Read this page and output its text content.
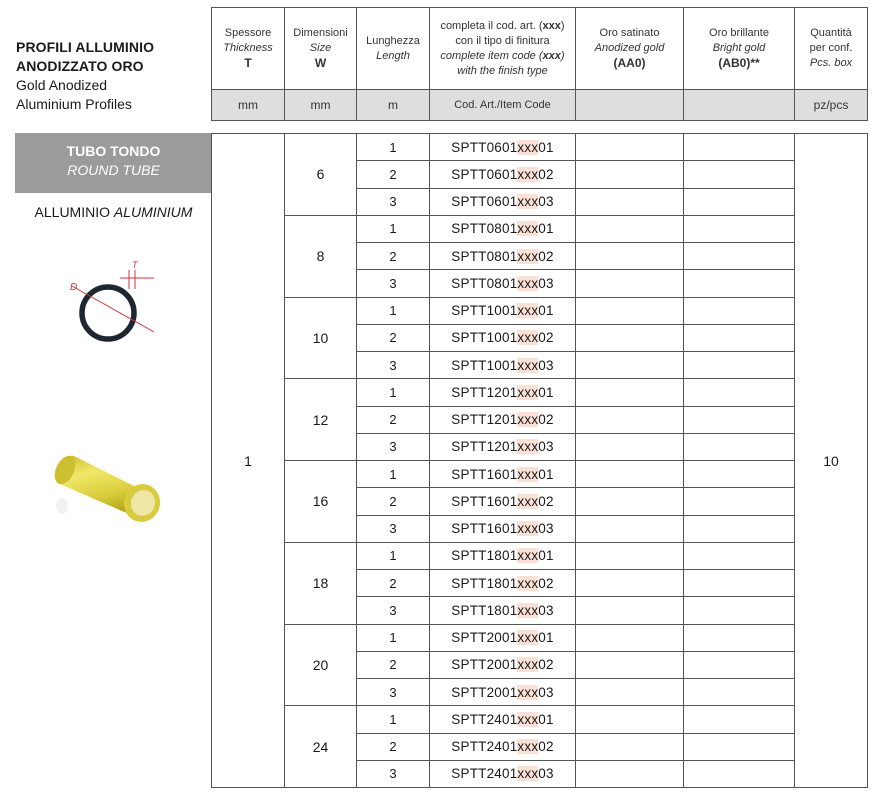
PROFILI ALLUMINIO
ANODIZZATO ORO
Gold Anodized
Aluminium Profiles
TUBO TONDO
ROUND TUBE
ALLUMINIO ALUMINIUM
D
T
Spessore
Thickness
T	Dimensioni
Size
W	Lunghezza
Length	completa il cod. art. (xxx)
con il tipo di finitura
complete item code (xxx)
with the finish type	Oro satinato
Anodized gold
(AA0)	Oro brillante
Bright gold
(AB0)**	Quantità
per conf.
Pcs. box

mm	mm	m	Cod. Art./Item Code			pz/pcs
1	6	1	SPTT0601xxx01			10
		2	SPTT0601xxx02			
		3	SPTT0601xxx03			
	8	1	SPTT0801xxx01			
		2	SPTT0801xxx02			
		3	SPTT0801xxx03			
	10	1	SPTT1001xxx01			
		2	SPTT1001xxx02			
		3	SPTT1001xxx03			
	12	1	SPTT1201xxx01			
		2	SPTT1201xxx02			
		3	SPTT1201xxx03			
	16	1	SPTT1601xxx01			
		2	SPTT1601xxx02			
		3	SPTT1601xxx03			
	18	1	SPTT1801xxx01			
		2	SPTT1801xxx02			
		3	SPTT1801xxx03			
	20	1	SPTT2001xxx01			
		2	SPTT2001xxx02			
		3	SPTT2001xxx03			
	24	1	SPTT2401xxx01			
		2	SPTT2401xxx02			
		3	SPTT2401xxx03			
